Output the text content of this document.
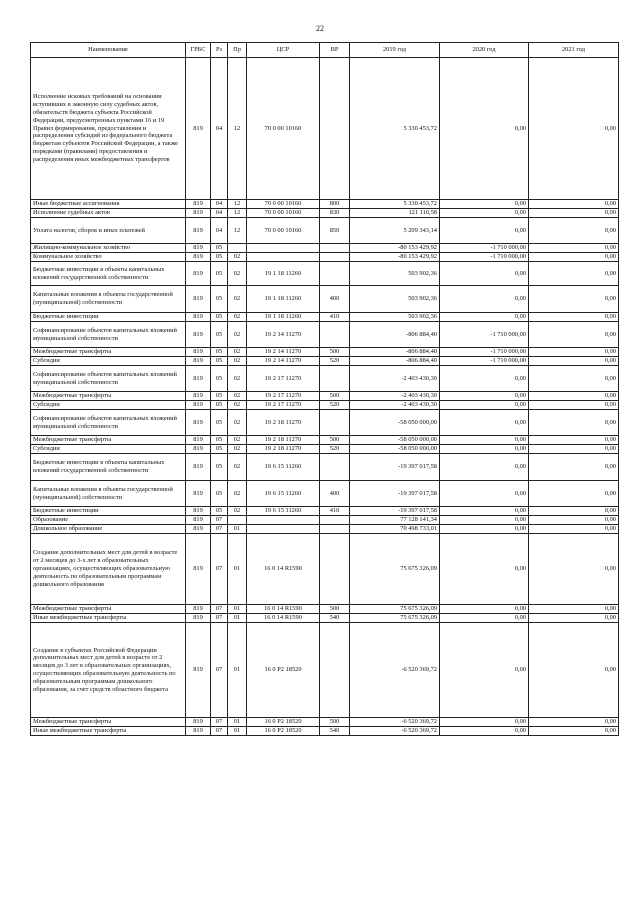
22
Наименование	ГРБС	Рз	Пр	ЦСР	ВР	2019 год	2020 год	2021 год
Исполнение исковых требований на основании вступивших в законную силу судебных актов, обязательств бюджета субъекта Российской Федерации, предусмотренных пунктами 16 и 19 Правил формирования, предоставления и распределения субсидий из федерального бюджета бюджетам субъектов Российской Федерации, а также порядками (правилами) предоставления и распределения иных межбюджетных трансфертов	819	04	12	70 0 00 10160		5 330 453,72	0,00	0,00
Иные бюджетные ассигнования	819	04	12	70 0 00 10160	800	5 330 453,72	0,00	0,00
Исполнение судебных актов	819	04	12	70 0 00 10160	830	121 110,58	0,00	0,00
Уплата налогов, сборов и иных платежей	819	04	12	70 0 00 10160	850	5 209 343,14	0,00	0,00
Жилищно-коммунальное хозяйство	819	05				-80 153 429,92	-1 710 000,00	0,00
Коммунальное хозяйство	819	05	02			-80 153 429,92	-1 710 000,00	0,00
Бюджетные инвестиции в объекты капитальных вложений государственной собственности	819	05	02	19 1 18 11260		503 902,36	0,00	0,00
Капитальные вложения в объекты государственной (муниципальной) собственности	819	05	02	19 1 18 11260	400	503 902,36	0,00	0,00
Бюджетные инвестиции	819	05	02	19 1 18 11260	410	503 902,36	0,00	0,00
Софинансирование объектов капитальных вложений муниципальной собственности	819	05	02	19 2 14 11270		-806 884,40	-1 710 000,00	0,00
Межбюджетные трансферты	819	05	02	19 2 14 11270	500	-806 884,40	-1 710 000,00	0,00
Субсидии	819	05	02	19 2 14 11270	520	-806 884,40	-1 710 000,00	0,00
Софинансирование объектов капитальных вложений муниципальной собственности	819	05	02	19 2 17 11270		-2 403 430,30	0,00	0,00
Межбюджетные трансферты	819	05	02	19 2 17 11270	500	-2 403 430,30	0,00	0,00
Субсидии	819	05	02	19 2 17 11270	520	-2 403 430,30	0,00	0,00
Софинансирование объектов капитальных вложений муниципальной собственности	819	05	02	19 2 18 11270		-58 050 000,00	0,00	0,00
Межбюджетные трансферты	819	05	02	19 2 18 11270	500	-58 050 000,00	0,00	0,00
Субсидии	819	05	02	19 2 18 11270	520	-58 050 000,00	0,00	0,00
Бюджетные инвестиции в объекты капитальных вложений государственной собственности	819	05	02	19 6 15 11260		-19 397 017,58	0,00	0,00
Капитальные вложения в объекты государственной (муниципальной) собственности	819	05	02	19 6 15 11260	400	-19 397 017,58	0,00	0,00
Бюджетные инвестиции	819	05	02	19 6 15 11260	410	-19 397 017,58	0,00	0,00
Образование	819	07				77 128 141,34	0,00	0,00
Дошкольное образование	819	07	01			70 498 733,01	0,00	0,00
Создание дополнительных мест для детей в возрасте от 2 месяцев до 3-х лет в образовательных организациях, осуществляющих образовательную деятельность по образовательным программам дошкольного образования	819	07	01	16 0 14 R1590		75 675 326,09	0,00	0,00
Межбюджетные трансферты	819	07	01	16 0 14 R1590	500	75 675 326,09	0,00	0,00
Иные межбюджетные трансферты	819	07	01	16 0 14 R1590	540	75 675 326,09	0,00	0,00
Создание в субъектах Российской Федерации дополнительных мест для детей в возрасте от 2 месяцев до 3 лет в образовательных организациях, осуществляющих образовательную деятельность по образовательным программам дошкольного образования, за счет средств областного бюджета	819	07	01	16 0 P2 18520		-6 520 369,72	0,00	0,00
Межбюджетные трансферты	819	07	01	16 0 P2 18520	500	-6 520 369,72	0,00	0,00
Иные межбюджетные трансферты	819	07	01	16 0 P2 18520	540	-6 520 369,72	0,00	0,00
